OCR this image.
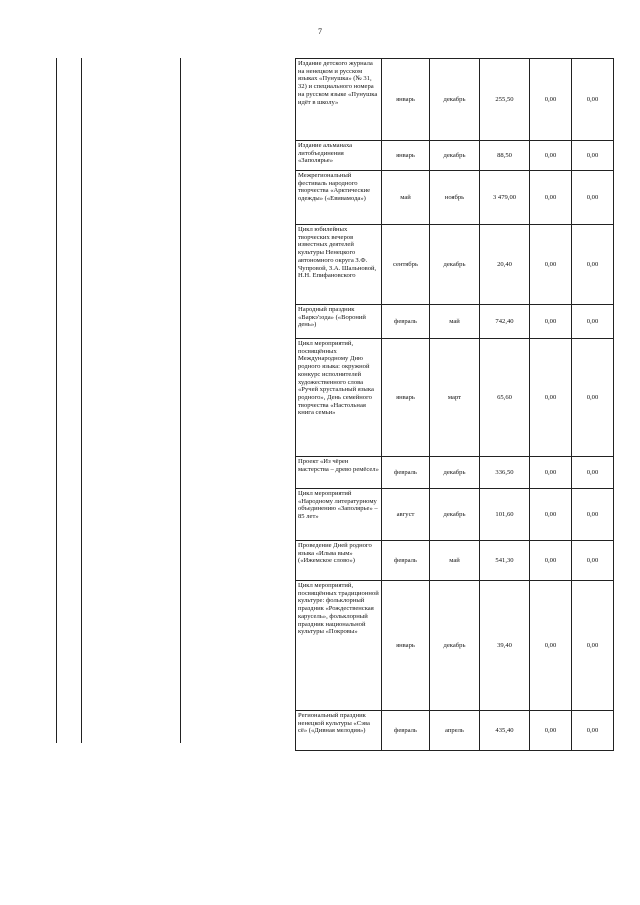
7
Издание детского журнала на ненецком и русском языках «Пунушка» (№ 31, 32) и специального номера на русском языке «Пунушка идёт в школу»	январь	декабрь	255,50	0,00	0,00
Издание альманаха литобъединения «Заполярье»	январь	декабрь	88,50	0,00	0,00
Межрегиональный фестиваль народного творчества «Арктические одежды» («Евивамода»)	май	ноябрь	3 479,00	0,00	0,00
Цикл юбилейных творческих вечеров известных деятелей культуры Ненецкого автономного округа З.Ф. Чупровой, З.А. Шальновой, Н.Н. Епифановского	сентябрь	декабрь	20,40	0,00	0,00
Народный праздник «Варкэ'эзда» («Вороний день»)	февраль	май	742,40	0,00	0,00
Цикл мероприятий, посвящённых Международному Дню родного языка: окружной конкурс исполнителей художественного слова «Ручей хрустальный языка родного», День семейного творчества «Настольная книга семьи»	январь	март	65,60	0,00	0,00
Проект «Из чёрен мастерства – древо ремёсел»	февраль	декабрь	336,50	0,00	0,00
Цикл мероприятий «Народному литературному объединению «Заполярье» – 85 лет»	август	декабрь	101,60	0,00	0,00
Проведение Дней родного языка «Ильва вым» («Ижемское слово»)	февраль	май	541,30	0,00	0,00
Цикл мероприятий, посвящённых традиционной культуре: фольклорный праздник «Рождественская карусель», фольклорный праздник национальной культуры «Покровы»	январь	декабрь	39,40	0,00	0,00
Региональный праздник ненецкой культуры «Сэва сё» («Дивная мелодия»)	февраль	апрель	435,40	0,00	0,00
